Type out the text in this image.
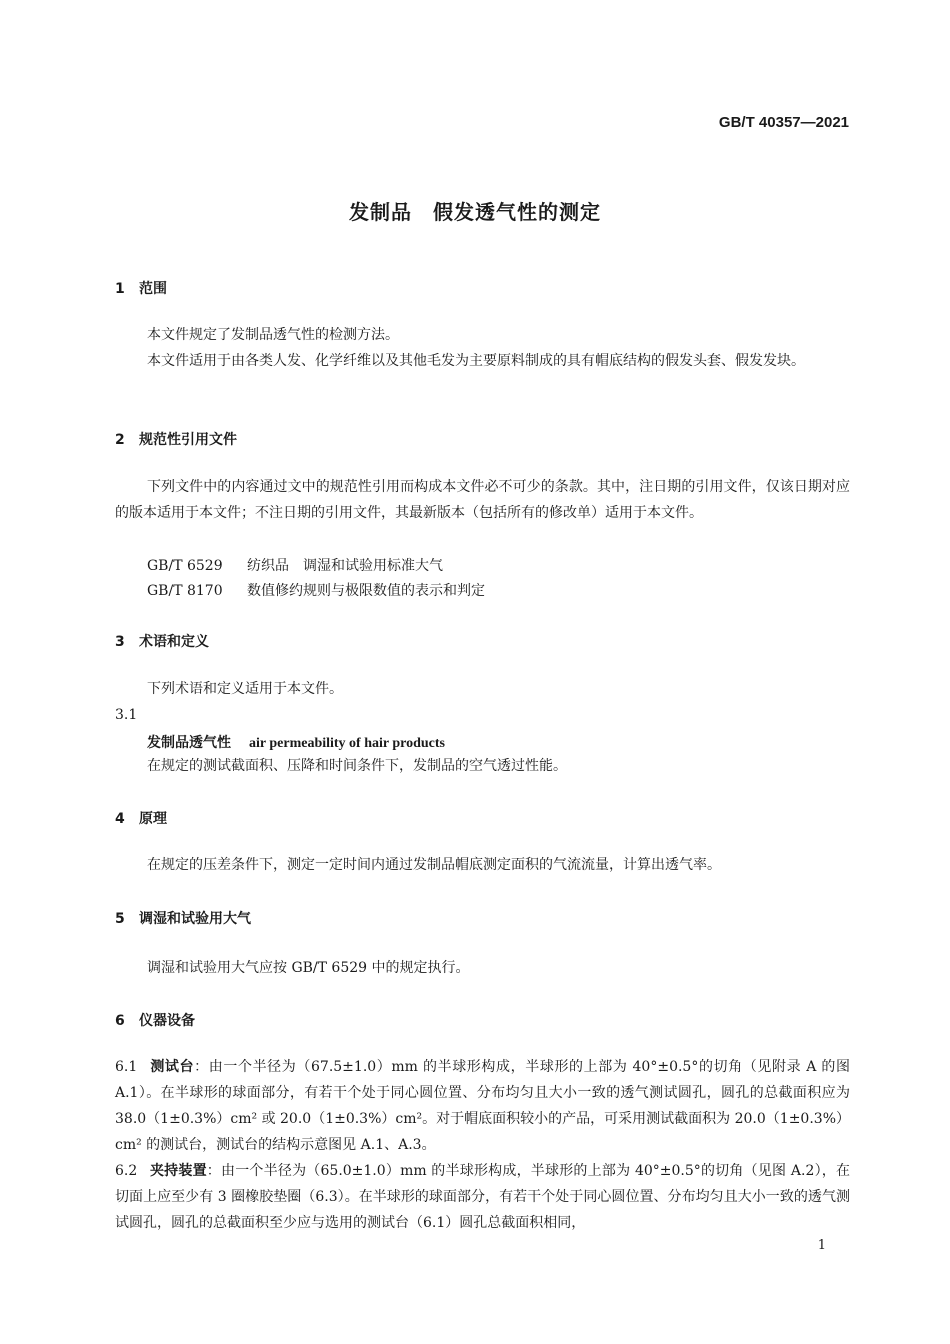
GB/T 40357—2021
发制品　假发透气性的测定
1 范围
本文件规定了发制品透气性的检测方法。
本文件适用于由各类人发、化学纤维以及其他毛发为主要原料制成的具有帽底结构的假发头套、假发发块。
2 规范性引用文件
下列文件中的内容通过文中的规范性引用而构成本文件必不可少的条款。其中，注日期的引用文件，仅该日期对应的版本适用于本文件；不注日期的引用文件，其最新版本（包括所有的修改单）适用于本文件。
GB/T 6529 纺织品　调湿和试验用标准大气
GB/T 8170 数值修约规则与极限数值的表示和判定
3 术语和定义
下列术语和定义适用于本文件。
3.1
发制品透气性 air permeability of hair products
在规定的测试截面积、压降和时间条件下，发制品的空气透过性能。
4 原理
在规定的压差条件下，测定一定时间内通过发制品帽底测定面积的气流流量，计算出透气率。
5 调湿和试验用大气
调湿和试验用大气应按 GB/T 6529 中的规定执行。
6 仪器设备
6.1 测试台：由一个半径为（67.5±1.0）mm 的半球形构成，半球形的上部为 40°±0.5°的切角（见附录 A 的图 A.1）。在半球形的球面部分，有若干个处于同心圆位置、分布均匀且大小一致的透气测试圆孔，圆孔的总截面积应为 38.0（1±0.3%）cm² 或 20.0（1±0.3%）cm²。对于帽底面积较小的产品，可采用测试截面积为 20.0（1±0.3%）cm² 的测试台，测试台的结构示意图见 A.1、A.3。
6.2 夹持装置：由一个半径为（65.0±1.0）mm 的半球形构成，半球形的上部为 40°±0.5°的切角（见图 A.2），在切面上应至少有 3 圈橡胶垫圈（6.3）。在半球形的球面部分，有若干个处于同心圆位置、分布均匀且大小一致的透气测试圆孔，圆孔的总截面积至少应与选用的测试台（6.1）圆孔总截面积相同，
1
